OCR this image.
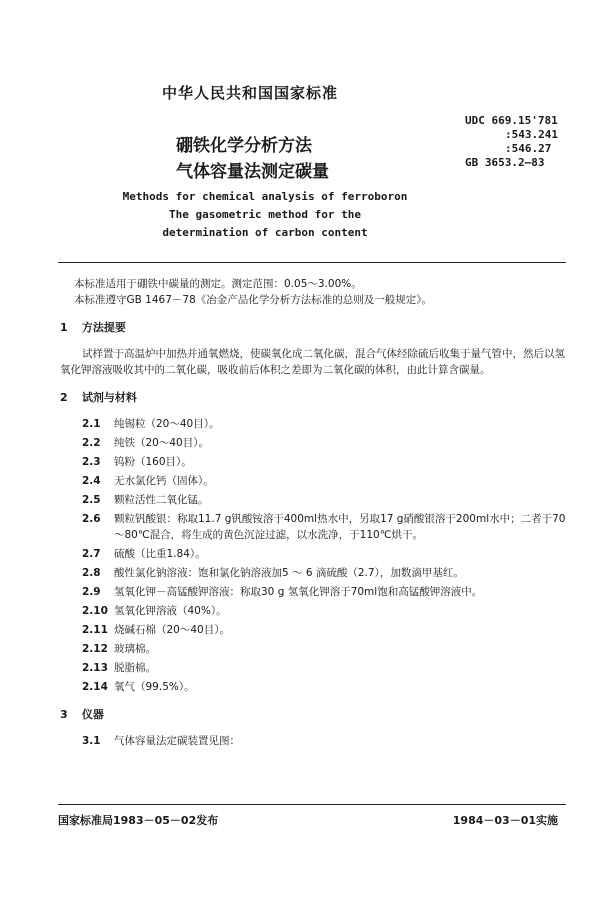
中华人民共和国国家标准
UDC 669.15'781
:543.241
:546.27
GB 3653.2—83
硼铁化学分析方法
气体容量法测定碳量
Methods for chemical analysis of ferroboron
The gasometric method for the
determination of carbon content

本标准适用于硼铁中碳量的测定。测定范围：0.05～3.00%。

本标准遵守GB 1467－78《冶金产品化学分析方法标准的总则及一般规定》。

1 方法提要

试样置于高温炉中加热并通氧燃烧，使碳氧化成二氧化碳，混合气体经除硫后收集于量气管中，然后以氢氧化钾溶液吸收其中的二氧化碳，吸收前后体积之差即为二氧化碳的体积，由此计算含碳量。

2 试剂与材料
2.1	纯锡粒（20～40目）。
2.2	纯铁（20～40目）。
2.3	钨粉（160目）。
2.4	无水氯化钙（固体）。
2.5	颗粒活性二氧化锰。
2.6	颗粒钒酸银：称取11.7 g钒酸铵溶于400ml热水中，另取17 g硝酸银溶于200ml水中；二者于70～80℃混合，将生成的黄色沉淀过滤，以水洗净，于110℃烘干。
2.7	硫酸（比重1.84）。
2.8	酸性氯化钠溶液：饱和氯化钠溶液加5 ～ 6 滴硫酸（2.7），加数滴甲基红。
2.9	氢氧化钾－高锰酸钾溶液：称取30 g 氢氧化钾溶于70ml饱和高锰酸钾溶液中。
2.10 氢氧化钾溶液（40%）。
2.11 烧碱石棉（20～40目）。
2.12 玻璃棉。
2.13 脱脂棉。
2.14 氧气（99.5%）。
3 仪器
3.1	气体容量法定碳装置见图：
国家标准局1983－05－02发布	1984－03－01实施
